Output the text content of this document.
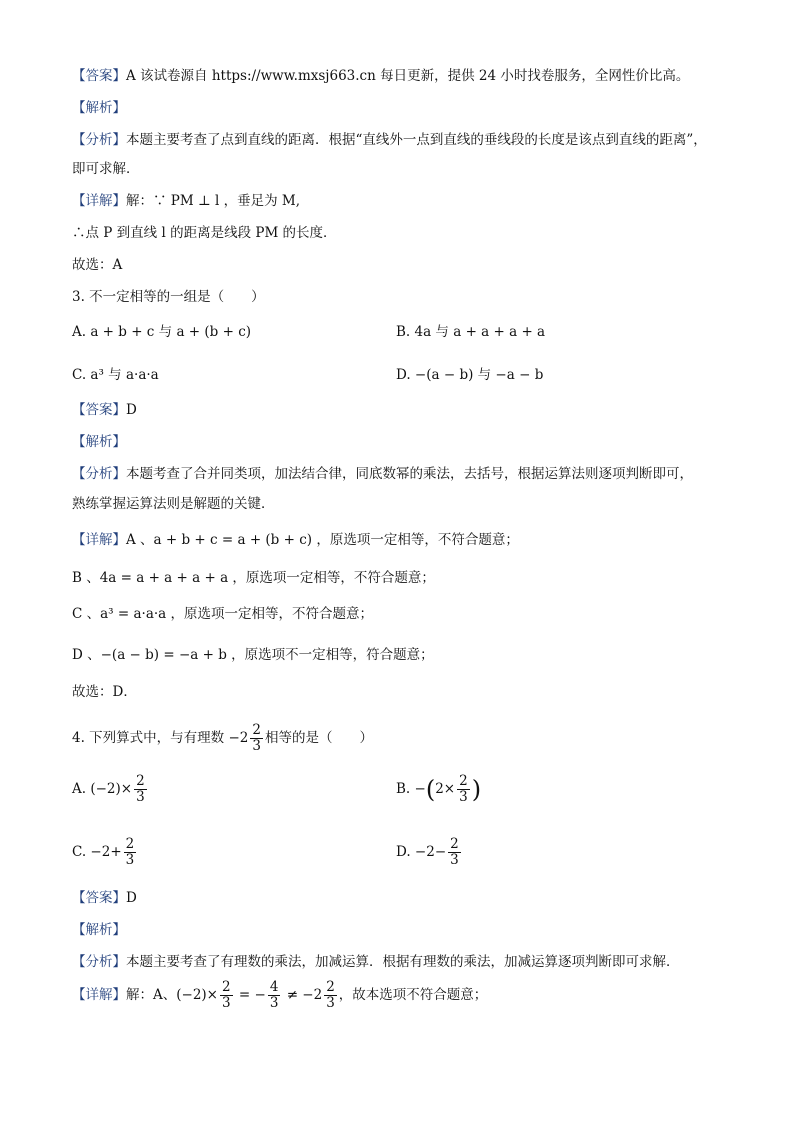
【答案】A 该试卷源自 https://www.mxsj663.cn 每日更新，提供 24 小时找卷服务，全网性价比高。
【解析】
【分析】本题主要考查了点到直线的距离．根据“直线外一点到直线的垂线段的长度是该点到直线的距离”，
即可求解．
【详解】解：∵ PM ⊥ l ，垂足为 M,
∴点 P 到直线 l 的距离是线段 PM 的长度．
故选：A
3. 不一定相等的一组是（　　）
A. a + b + c 与 a + (b + c)	B. 4a 与 a + a + a + a
C. a³ 与 a·a·a	D. −(a − b) 与 −a − b
【答案】D
【解析】
【分析】本题考查了合并同类项，加法结合律，同底数幂的乘法，去括号，根据运算法则逐项判断即可，
熟练掌握运算法则是解题的关键．
【详解】A 、a + b + c = a + (b + c) ，原选项一定相等，不符合题意；
B 、4a = a + a + a + a ，原选项一定相等，不符合题意；
C 、a³ = a·a·a ，原选项一定相等，不符合题意；
D 、−(a − b) = −a + b ，原选项不一定相等，符合题意；
故选：D．
4. 下列算式中，与有理数 $-2 \frac{2}{3}$ 相等的是（　　）
A. $(-2)\times \frac{2}{3}$	B. $-(2\times \frac{2}{3}$ )
C. $-2+ \frac{2}{3}$	D. $-2- \frac{2}{3}$
【答案】D
【解析】
【分析】本题主要考查了有理数的乘法，加减运算．根据有理数的乘法，加减运算逐项判断即可求解．
【详解】解：A、$(-2)\times \frac{2}{3}$ = − $\frac{4}{3} \ne -2 \frac{2}{3}$ ，故本选项不符合题意；
